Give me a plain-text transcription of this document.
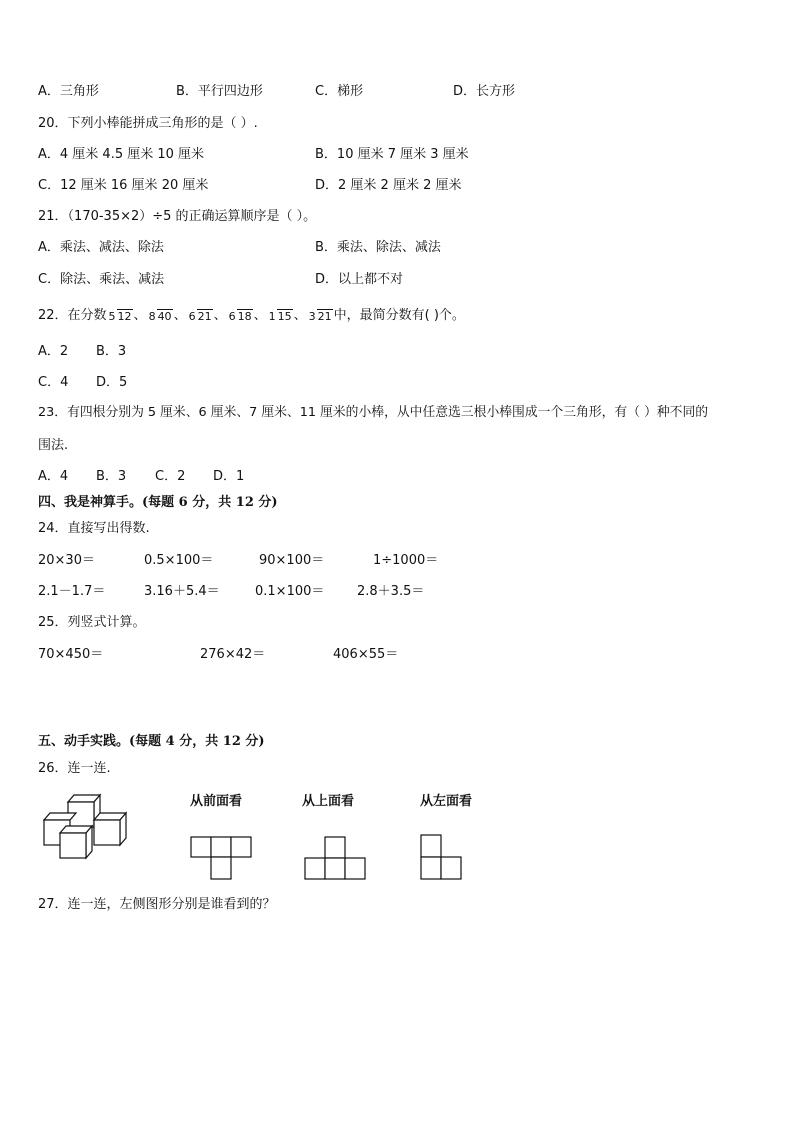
A．三角形	B．平行四边形	C．梯形	D．长方形
20．下列小棒能拼成三角形的是（ ）.
A．4 厘米 4.5 厘米 10 厘米	B．10 厘米 7 厘米 3 厘米
C．12 厘米 16 厘米 20 厘米	D．2 厘米 2 厘米 2 厘米
21．（170-35×2）÷5 的正确运算顺序是（ ）。
A．乘法、减法、除法	B．乘法、除法、减法
C．除法、乘法、减法	D．以上都不对
22．在分数 5 12 、 8 40 、 6 21 、 6 18 、 1 15 、 3 21 中，最简分数有( )个。
A．2 B．3
C．4 D．5
23．有四根分别为 5 厘米、6 厘米、7 厘米、11 厘米的小棒，从中任意选三根小棒围成一个三角形，有（ ）种不同的
围法.
A．4 B．3 C．2 D．1
四、我是神算手。(每题 6 分，共 12 分)
24．直接写出得数.
20×30＝	0.5×100＝	90×100＝	1÷1000＝
2.1－1.7＝	3.16＋5.4＝	0.1×100＝	2.8＋3.5＝
25．列竖式计算。
70×450＝	276×42＝	406×55＝
五、动手实践。(每题 4 分，共 12 分)
26．连一连.
从前面看	从上面看	从左面看
27．连一连，左侧图形分别是谁看到的？
